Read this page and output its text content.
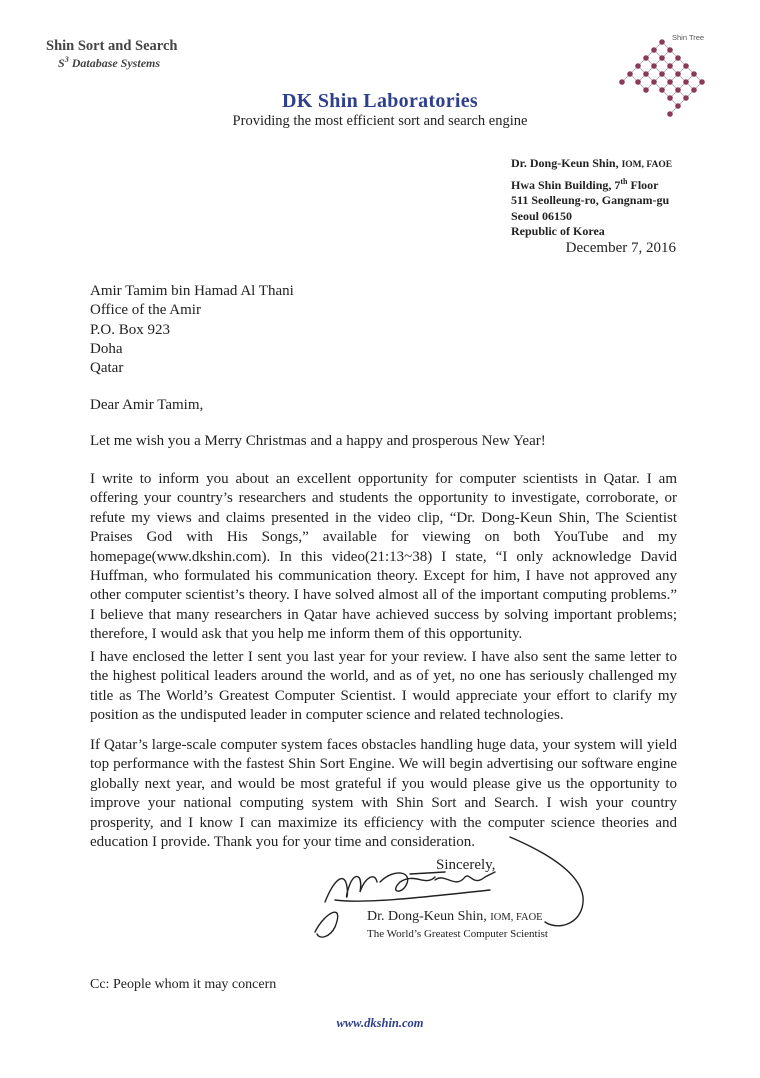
Shin Sort and Search
$S^3$ Database Systems
DK Shin Laboratories
Providing the most efficient sort and search engine
Shin Tree
Dr. Dong-Keun Shin, IOM, FAOE
Hwa Shin Building, 7th Floor
511 Seolleung-ro, Gangnam-gu
Seoul 06150
Republic of Korea
December 7, 2016
Amir Tamim bin Hamad Al Thani
Office of the Amir
P.O. Box 923
Doha
Qatar
Dear Amir Tamim,
Let me wish you a Merry Christmas and a happy and prosperous New Year!
I write to inform you about an excellent opportunity for computer scientists in Qatar. I am offering your country’s researchers and students the opportunity to investigate, corroborate, or refute my views and claims presented in the video clip, “Dr. Dong-Keun Shin, The Scientist Praises God with His Songs,” available for viewing on both YouTube and my homepage(www.dkshin.com). In this video(21:13~38) I state, “I only acknowledge David Huffman, who formulated his communication theory. Except for him, I have not approved any other computer scientist’s theory. I have solved almost all of the important computing problems.” I believe that many researchers in Qatar have achieved success by solving important problems; therefore, I would ask that you help me inform them of this opportunity.
I have enclosed the letter I sent you last year for your review. I have also sent the same letter to the highest political leaders around the world, and as of yet, no one has seriously challenged my title as The World’s Greatest Computer Scientist. I would appreciate your effort to clarify my position as the undisputed leader in computer science and related technologies.
If Qatar’s large-scale computer system faces obstacles handling huge data, your system will yield top performance with the fastest Shin Sort Engine. We will begin advertising our software engine globally next year, and would be most grateful if you would please give us the opportunity to improve your national computing system with Shin Sort and Search. I wish your country prosperity, and I know I can maximize its efficiency with the computer science theories and education I provide. Thank you for your time and consideration.
Sincerely,
Dr. Dong-Keun Shin, IOM, FAOE
The World’s Greatest Computer Scientist
Cc: People whom it may concern
www.dkshin.com
